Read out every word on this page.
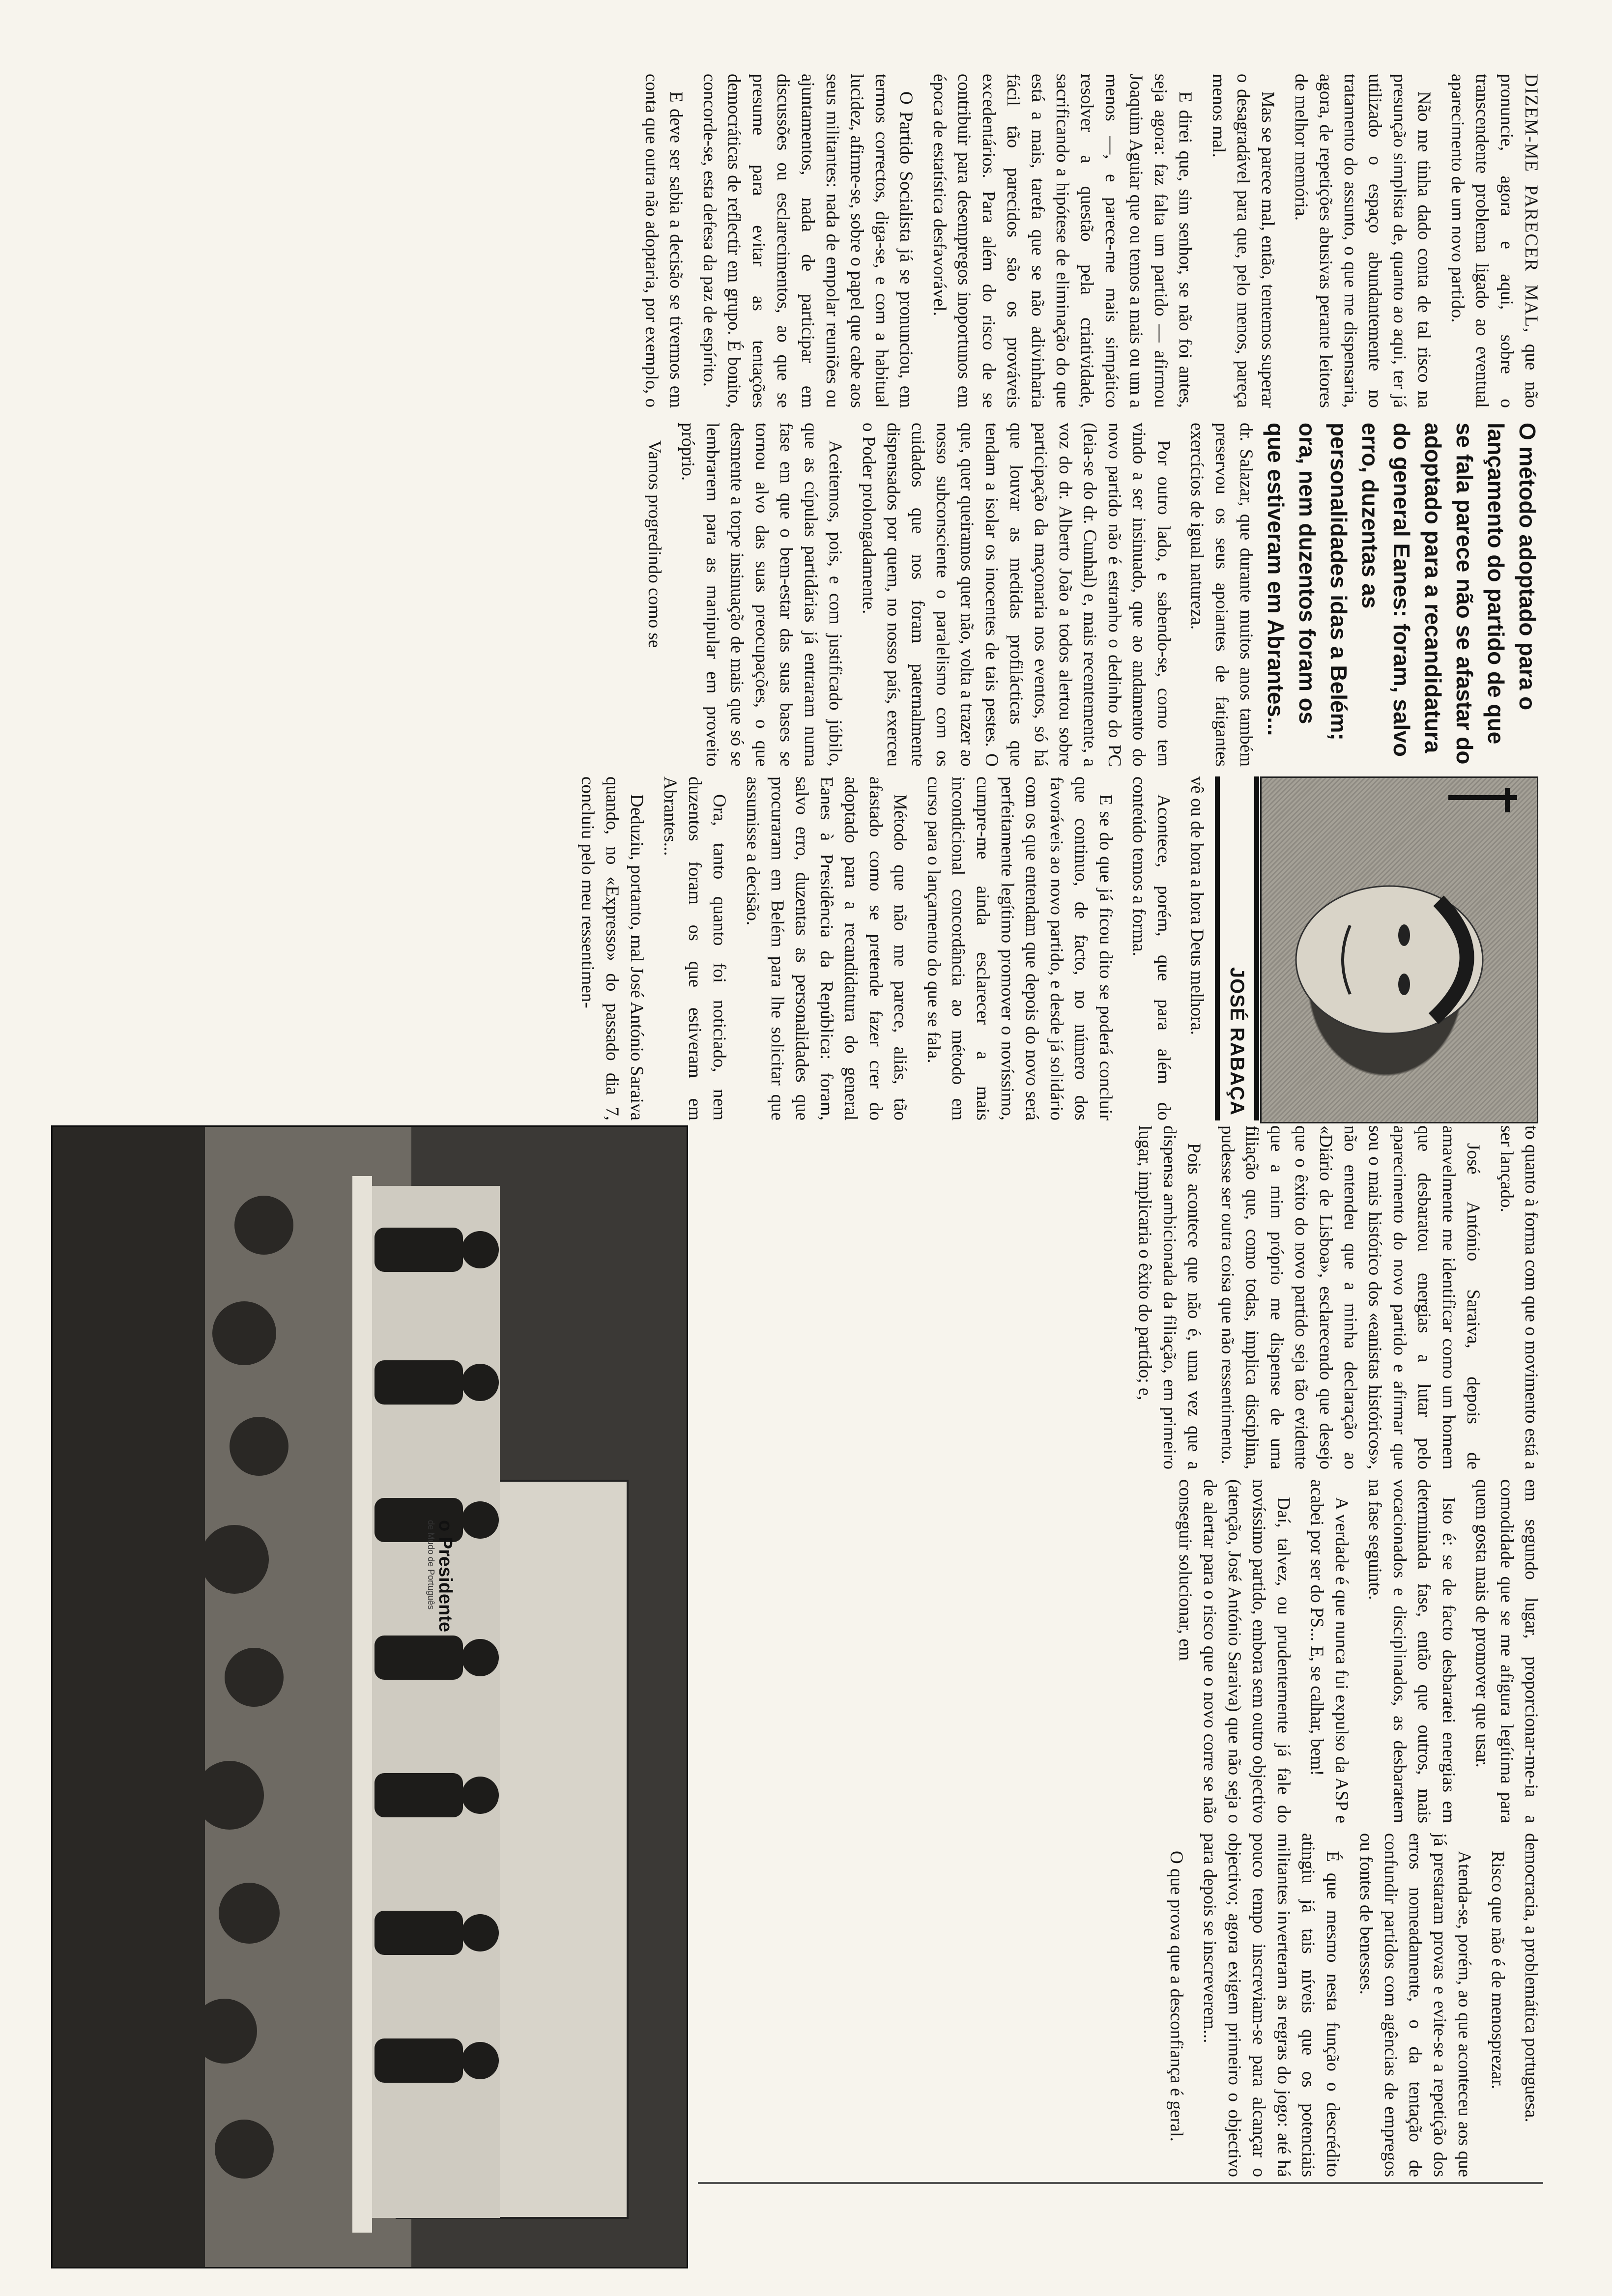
DIZEM-ME PARECER MAL, que não pronuncie, agora e aqui, sobre o transcendente problema ligado ao eventual aparecimento de um novo partido.

Não me tinha dado conta de tal risco na presunção simplista de, quanto ao aqui, ter já utilizado o espaço abundantemente no tratamento do assunto, o que me dispensaria, agora, de repetições abusivas perante leitores de melhor memória.

Mas se parece mal, então, tentemos superar o desagradável para que, pelo menos, pareça menos mal.

E direi que, sim senhor, se não foi antes, seja agora: faz falta um partido — afirmou Joaquim Aguiar que ou temos a mais ou um a menos —, e parece-me mais simpático resolver a questão pela criatividade, sacrificando a hipótese de eliminação do que está a mais, tarefa que se não adivinharia fácil tão parecidos são os prováveis excedentários. Para além do risco de se contribuir para desempregos inoportunos em época de estatística desfavorável.

O Partido Socialista já se pronunciou, em termos correctos, diga-se, e com a habitual lucidez, afirme-se, sobre o papel que cabe aos seus militantes: nada de empolar reuniões ou ajuntamentos, nada de participar em discussões ou esclarecimentos, ao que se presume para evitar as tentações democráticas de reflectir em grupo. É bonito, concorde-se, esta defesa da paz de espírito.

E deve ser sabia a decisão se tivermos em conta que outra não adoptaria, por exemplo, o

O método adoptado para o lançamento do partido de que se fala parece não se afastar do adoptado para a recandidatura do general Eanes: foram, salvo erro, duzentas as personalidades idas a Belém; ora, nem duzentos foram os que estiveram em Abrantes...

dr. Salazar, que durante muitos anos também preservou os seus apoiantes de fatigantes exercícios de igual natureza.

Por outro lado, e sabendo-se, como tem vindo a ser insinuado, que ao andamento do novo partido não é estranho o dedinho do PC (leia-se do dr. Cunhal) e, mais recentemente, a voz do dr. Alberto João a todos alertou sobre participação da maçonaria nos eventos, só há que louvar as medidas profilácticas que tendam a isolar os inocentes de tais pestes. O que, quer queiramos quer não, volta a trazer ao nosso subconsciente o paralelismo com os cuidados que nos foram paternalmente dispensados por quem, no nosso país, exerceu o Poder prolongadamente.

Aceitemos, pois, e com justificado júbilo, que as cúpulas partidárias já entraram numa fase em que o bem-estar das suas bases se tornou alvo das suas preocupações, o que desmente a torpe insinuação de mais que só se lembrarem para as manipular em proveito próprio.

Vamos progredindo como se

JOSÉ RABAÇA

vê ou de hora a hora Deus melhora.

Acontece, porém, que para além do conteúdo temos a forma.

E se do que já ficou dito se poderá concluir que continuo, de facto, no número dos favoráveis ao novo partido, e desde já solidário com os que entendam que depois do novo será perfeitamente legítimo promover o novíssimo, cumpre-me ainda esclarecer a mais incondicional concordância ao método em curso para o lançamento do que se fala.

Método que não me parece, aliás, tão afastado como se pretende fazer crer do adoptado para a recandidatura do general Eanes à Presidência da República: foram, salvo erro, duzentas as personalidades que procuraram em Belém para lhe solicitar que assumisse a decisão.

Ora, tanto quanto foi noticiado, nem duzentos foram os que estiveram em Abrantes...

Deduziu, portanto, mal José António Saraiva quando, no «Expresso» do passado dia 7, concluiu pelo meu ressentimen-

to quanto à forma com que o movimento está a ser lançado.

José António Saraiva, depois de amavelmente me identificar como um homem que desbaratou energias a lutar pelo aparecimento do novo partido e afirmar que sou o mais histórico dos «eanistas históricos», não entendeu que a minha declaração ao «Diário de Lisboa», esclarecendo que desejo que o êxito do novo partido seja tão evidente que a mim próprio me dispense de uma filiação que, como todas, implica disciplina, pudesse ser outra coisa que não ressentimento.

Pois acontece que não é, uma vez que a dispensa ambicionada da filiação, em primeiro lugar, implicaria o êxito do partido; e,

em segundo lugar, proporcionar-me-ia a comodidade que se me afigura legítima para quem gosta mais de promover que usar.

Isto é: se de facto desbaratei energias em determinada fase, então que outros, mais vocacionados e disciplinados, as desbaratem na fase seguinte.

A verdade é que nunca fui expulso da ASP e acabei por ser do PS... E, se calhar, bem!

Daí, talvez, ou prudentemente já fale do novíssimo partido, embora sem outro objectivo (atenção, José António Saraiva) que não seja o de alertar para o risco que o novo corre se não conseguir solucionar, em

democracia, a problemática portuguesa.

Risco que não é de menosprezar.

Atenda-se, porém, ao que aconteceu aos que já prestaram provas e evite-se a repetição dos erros nomeadamente, o da tentação de confundir partidos com agências de empregos ou fontes de benesses.

É que mesmo nesta função o descrédito atingiu já tais níveis que os potenciais militantes inverteram as regras do jogo: até há pouco tempo inscreviam-se para alcançar o objectivo; agora exigem primeiro o objectivo para depois se inscreverem...

O que prova que a desconfiança é geral.

o Presidente
de Mudo de Português
